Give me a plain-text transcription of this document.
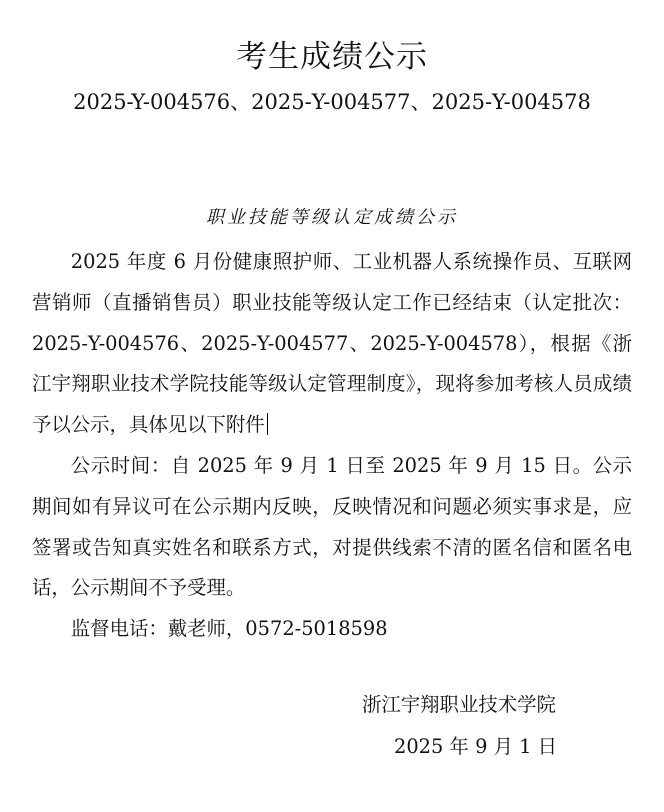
考生成绩公示
2025-Y-004576、2025-Y-004577、2025-Y-004578
职业技能等级认定成绩公示

2025 年度 6 月份健康照护师、工业机器人系统操作员、互联网营销师（直播销售员）职业技能等级认定工作已经结束（认定批次：2025-Y-004576、2025-Y-004577、2025-Y-004578），根据《浙江宇翔职业技术学院技能等级认定管理制度》，现将参加考核人员成绩予以公示，具体见以下附件

公示时间：自 2025 年 9 月 1 日至 2025 年 9 月 15 日。公示期间如有异议可在公示期内反映，反映情况和问题必须实事求是，应签署或告知真实姓名和联系方式，对提供线索不清的匿名信和匿名电话，公示期间不予受理。

监督电话：戴老师，0572-5018598

浙江宇翔职业技术学院
2025 年 9 月 1 日
